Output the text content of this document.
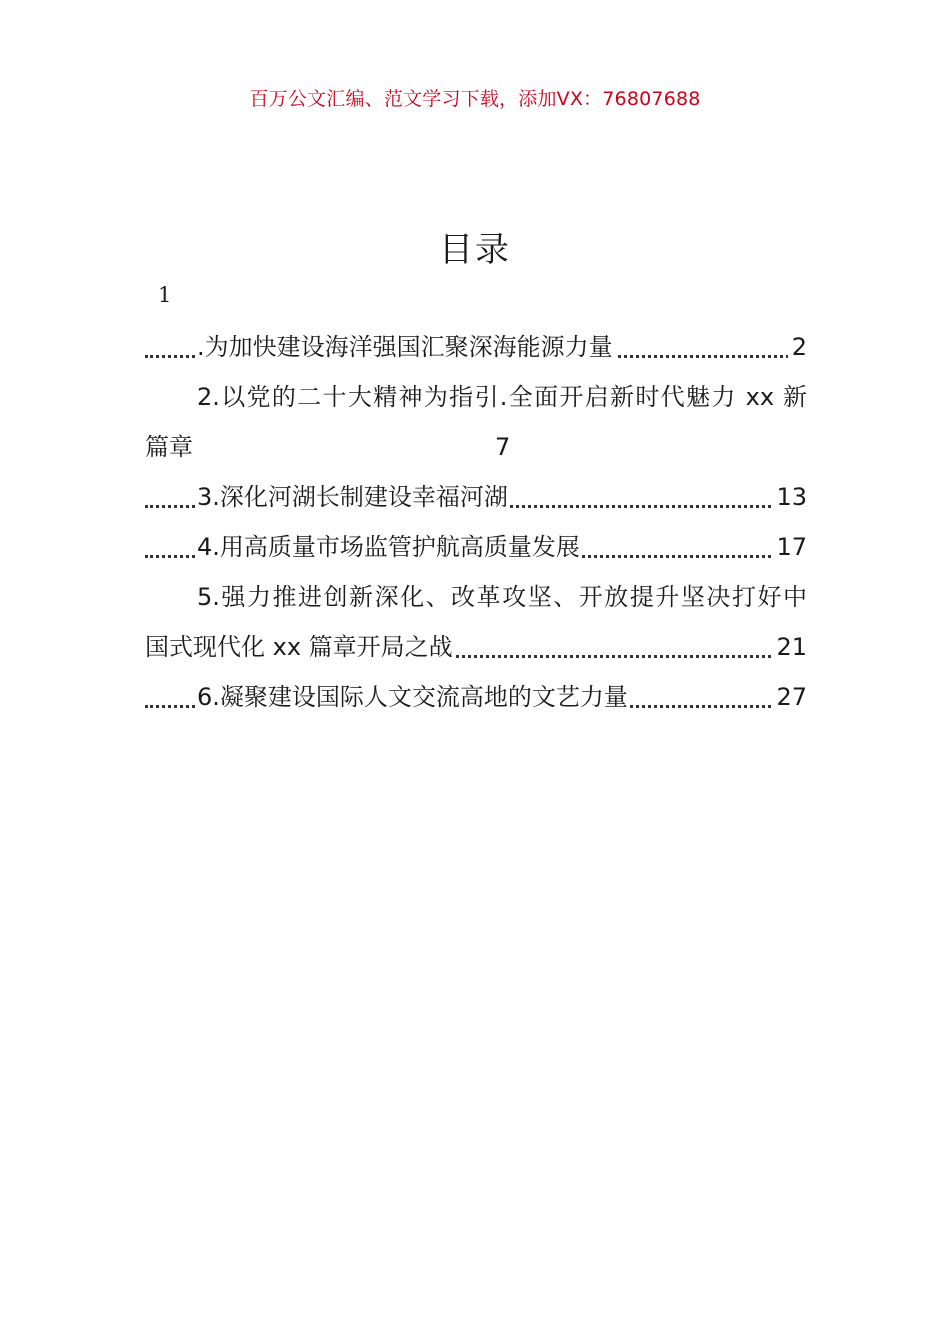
百万公文汇编、范文学习下载，添加VX：76807688
目录
1
.为加快建设海洋强国汇聚深海能源力量	2
2.以党的二十大精神为指引.全面开启新时代魅力 xx 新
篇章	7
3.深化河湖长制建设幸福河湖	13
4.用高质量市场监管护航高质量发展	17
5.强力推进创新深化、改革攻坚、开放提升坚决打好中
国式现代化 xx 篇章开局之战	21
6.凝聚建设国际人文交流高地的文艺力量	27
